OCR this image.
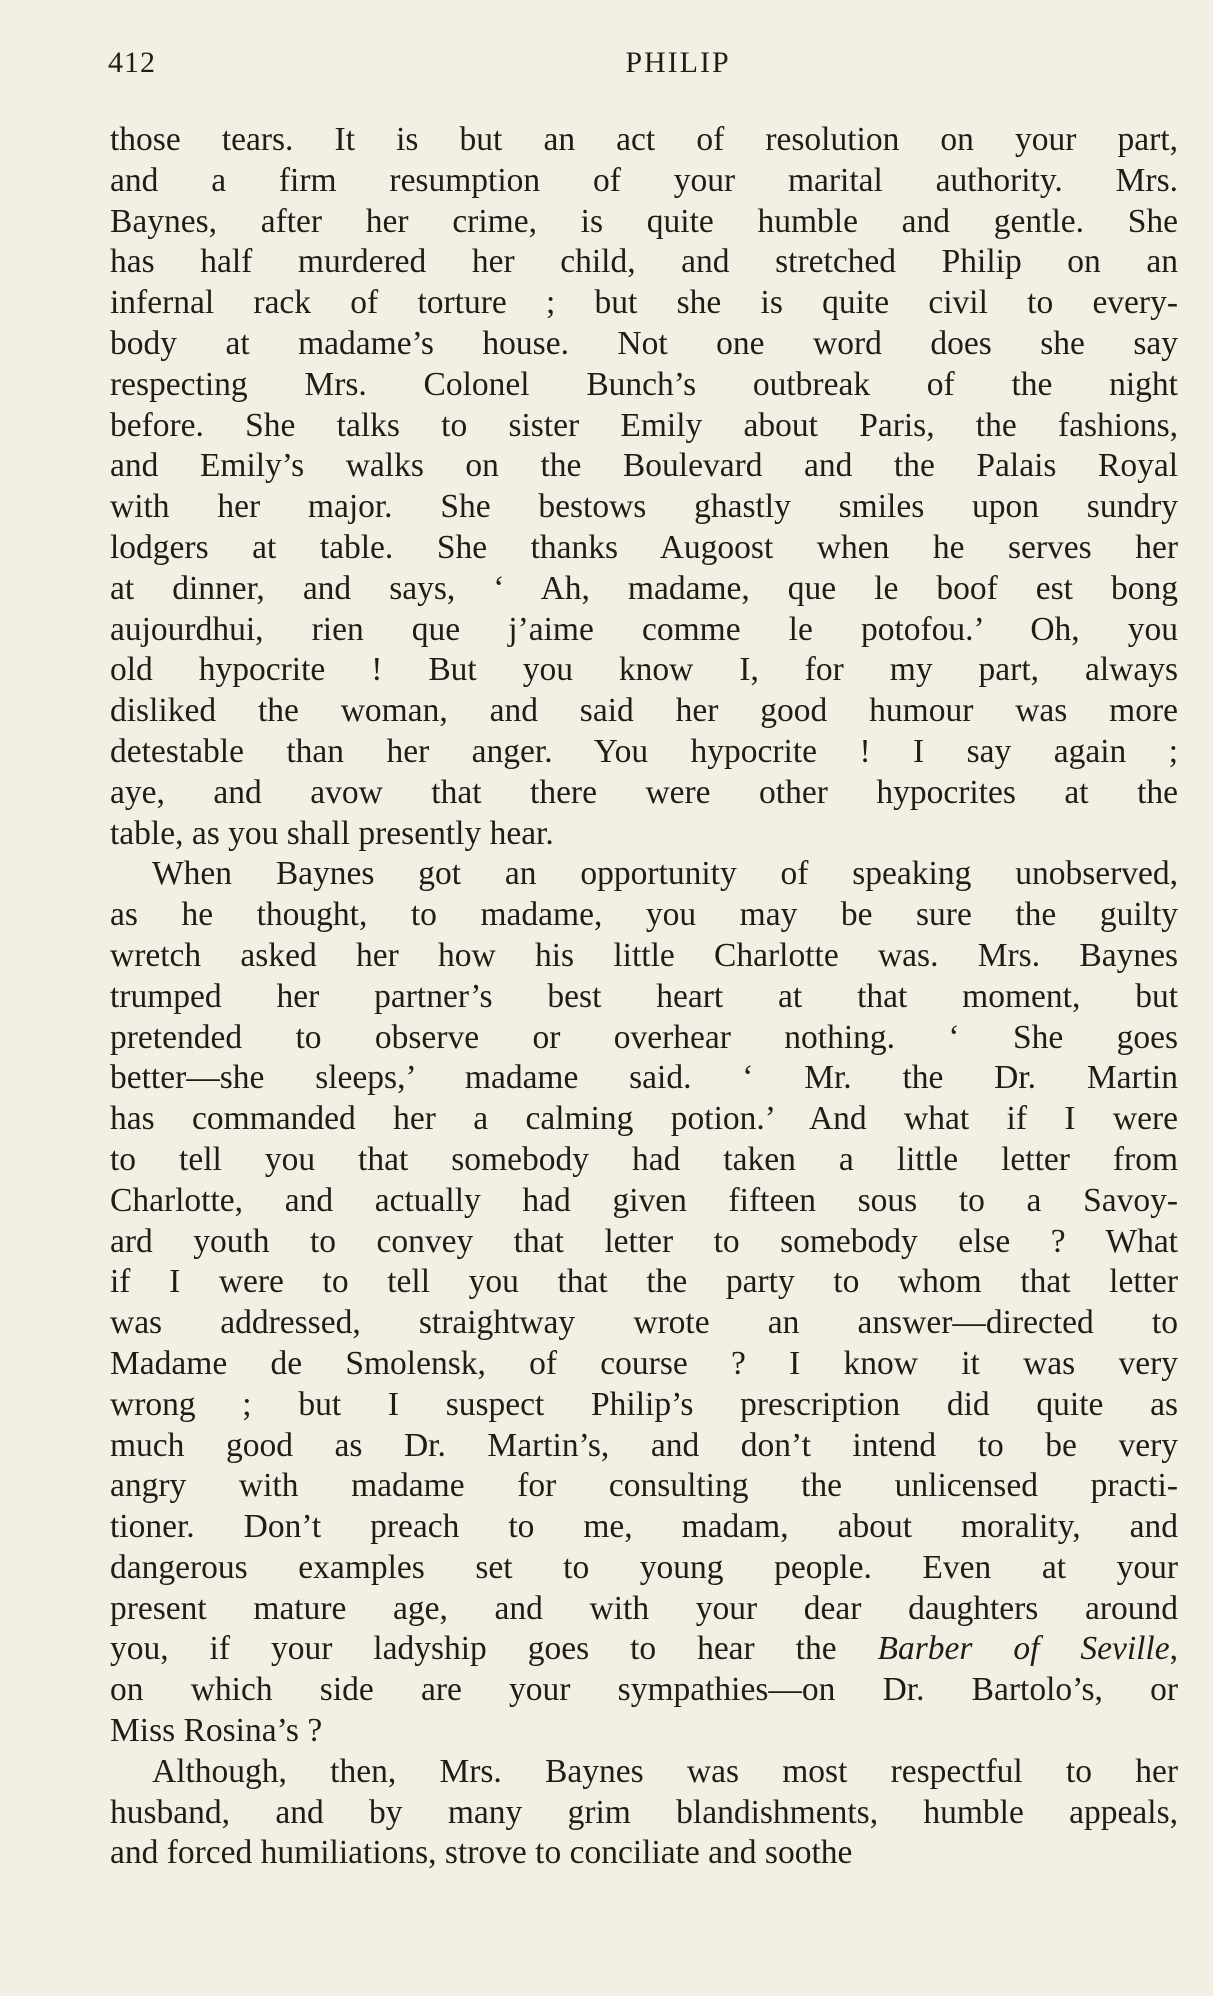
412	PHILIP
those tears. It is but an act of resolution on your part,
and a firm resumption of your marital authority. Mrs.
Baynes, after her crime, is quite humble and gentle. She
has half murdered her child, and stretched Philip on an
infernal rack of torture ; but she is quite civil to every-
body at madame’s house. Not one word does she say
respecting Mrs. Colonel Bunch’s outbreak of the night
before. She talks to sister Emily about Paris, the fashions,
and Emily’s walks on the Boulevard and the Palais Royal
with her major. She bestows ghastly smiles upon sundry
lodgers at table. She thanks Augoost when he serves her
at dinner, and says, ‘ Ah, madame, que le boof est bong
aujourdhui, rien que j’aime comme le potofou.’ Oh, you
old hypocrite ! But you know I, for my part, always
disliked the woman, and said her good humour was more
detestable than her anger. You hypocrite ! I say again ;
aye, and avow that there were other hypocrites at the
table, as you shall presently hear.
When Baynes got an opportunity of speaking unobserved,
as he thought, to madame, you may be sure the guilty
wretch asked her how his little Charlotte was. Mrs. Baynes
trumped her partner’s best heart at that moment, but
pretended to observe or overhear nothing. ‘ She goes
better—she sleeps,’ madame said. ‘ Mr. the Dr. Martin
has commanded her a calming potion.’ And what if I were
to tell you that somebody had taken a little letter from
Charlotte, and actually had given fifteen sous to a Savoy-
ard youth to convey that letter to somebody else ? What
if I were to tell you that the party to whom that letter
was addressed, straightway wrote an answer—directed to
Madame de Smolensk, of course ? I know it was very
wrong ; but I suspect Philip’s prescription did quite as
much good as Dr. Martin’s, and don’t intend to be very
angry with madame for consulting the unlicensed practi-
tioner. Don’t preach to me, madam, about morality, and
dangerous examples set to young people. Even at your
present mature age, and with your dear daughters around
you, if your ladyship goes to hear the Barber of Seville,
on which side are your sympathies—on Dr. Bartolo’s, or
Miss Rosina’s ?
Although, then, Mrs. Baynes was most respectful to her
husband, and by many grim blandishments, humble appeals,
and forced humiliations, strove to conciliate and soothe
